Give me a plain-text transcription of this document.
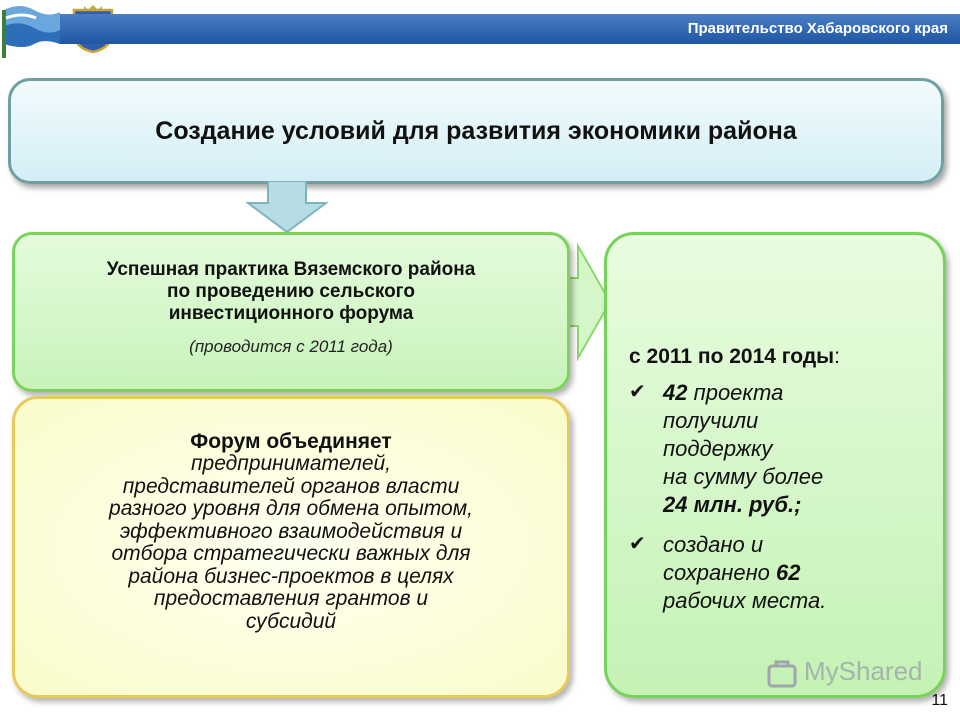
Правительство Хабаровского края
Создание условий для развития экономики района
Успешная практика Вяземского района
по проведению сельского
инвестиционного форума
(проводится с 2011 года)
Форум объединяет
предпринимателей,
представителей органов власти
разного уровня для обмена опытом,
эффективного взаимодействия и
отбора стратегически важных для
района бизнес-проектов в целях
предоставления грантов и
субсидий
с 2011 по 2014 годы:
✔ 42 проекта
получили
поддержку
на сумму более
24 млн. руб.;
✔ создано и
сохранено 62
рабочих места.
MyShared
11
